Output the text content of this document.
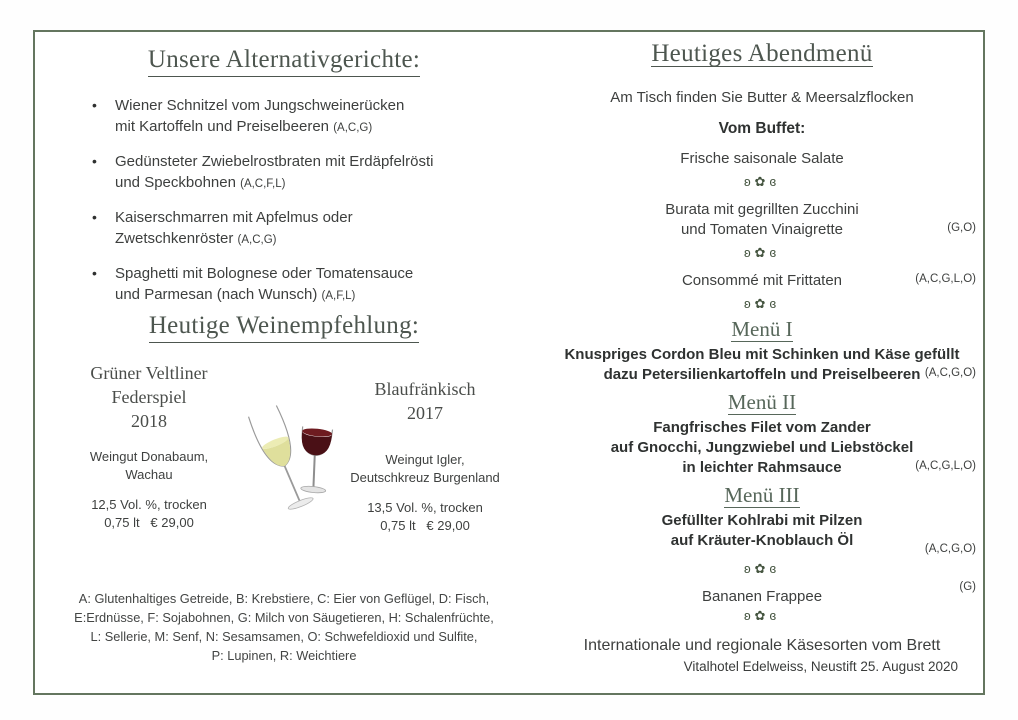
Unsere Alternativgerichte:
•	Wiener Schnitzel vom Jungschweinerücken
mit Kartoffeln und Preiselbeeren (A,C,G)
•	Gedünsteter Zwiebelrostbraten mit Erdäpfelrösti
und Speckbohnen (A,C,F,L)
•	Kaiserschmarren mit Apfelmus oder
Zwetschkenröster (A,C,G)
•	Spaghetti mit Bolognese oder Tomatensauce
und Parmesan (nach Wunsch) (A,F,L)
Heutige Weinempfehlung:
Grüner Veltliner
Federspiel
2018
Weingut Donabaum,
Wachau
12,5 Vol. %, trocken
0,75 lt   € 29,00
Blaufränkisch
2017
Weingut Igler,
Deutschkreuz Burgenland
13,5 Vol. %, trocken
0,75 lt   € 29,00
A: Glutenhaltiges Getreide, B: Krebstiere, C: Eier von Geflügel, D: Fisch,
E:Erdnüsse, F: Sojabohnen, G: Milch von Säugetieren, H: Schalenfrüchte,
L: Sellerie, M: Senf, N: Sesamsamen, O: Schwefeldioxid und Sulfite,
P: Lupinen, R: Weichtiere
Heutiges Abendmenü
Am Tisch finden Sie Butter & Meersalzflocken
Vom Buffet:
Frische saisonale Salate
ʚ✿ɞ
Burata mit gegrillten Zucchini
und Tomaten Vinaigrette	(G,O)
ʚ✿ɞ
Consommé mit Frittaten	(A,C,G,L,O)
ʚ✿ɞ
Menü I
Knuspriges Cordon Bleu mit Schinken und Käse gefüllt
dazu Petersilienkartoffeln und Preiselbeeren (A,C,G,O)
Menü II
Fangfrisches Filet vom Zander
auf Gnocchi, Jungzwiebel und Liebstöckel
in leichter Rahmsauce	(A,C,G,L,O)
Menü III
Gefüllter Kohlrabi mit Pilzen
auf Kräuter-Knoblauch Öl	(A,C,G,O)
ʚ✿ɞ
Bananen Frappee
(G)
ʚ✿ɞ
Internationale und regionale Käsesorten vom Brett
Vitalhotel Edelweiss, Neustift 25. August 2020
